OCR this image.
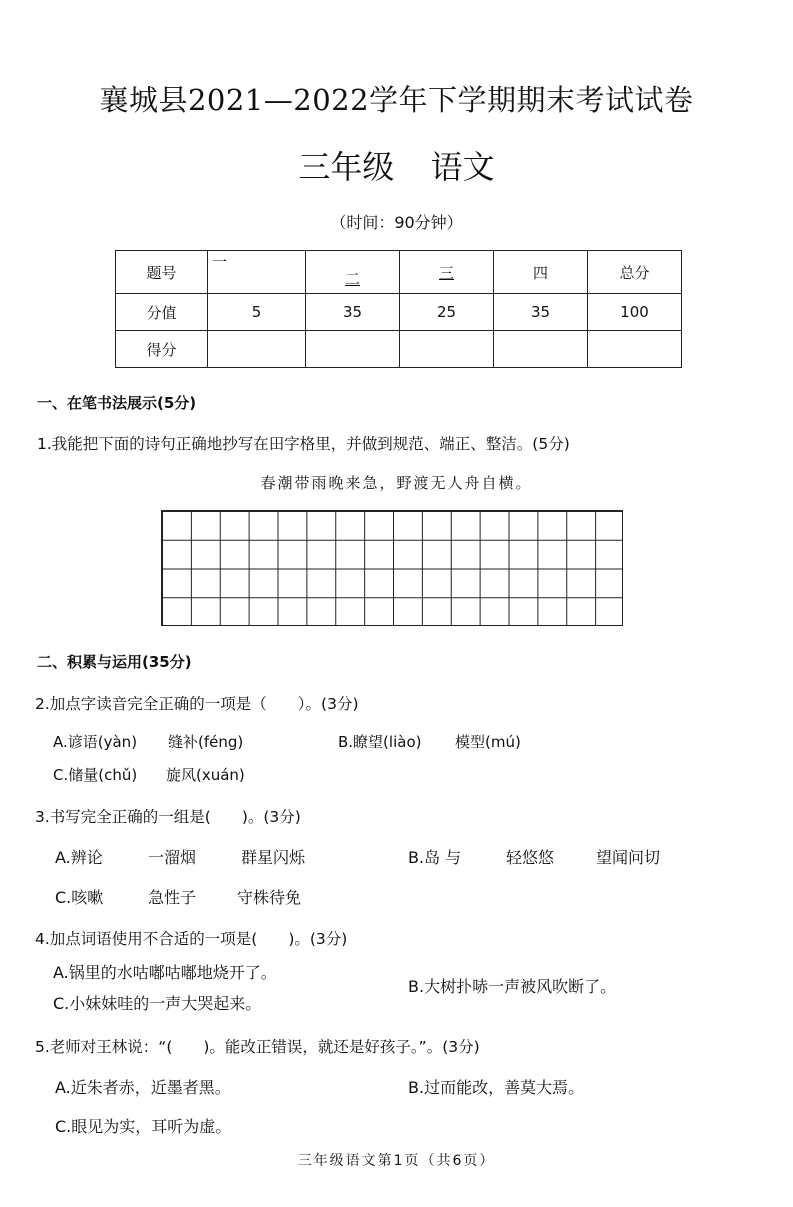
襄城县2021—2022学年下学期期末考试试卷
三年级 语文
（时间：90分钟）
题号	一	二	三	四	总分
分值	5	35	25	35	100
得分					
一、在笔书法展示(5分)
1.我能把下面的诗句正确地抄写在田字格里，并做到规范、端正、整洁。(5分)
春潮带雨晚来急，野渡无人舟自横。
二、积累与运用(35分)
2.加点字读音完全正确的一项是（　　）。(3分)
A.谚语(yàn) 缝补(féng)	B.瞭望(liào) 模型(mú)
C.储量(chǔ) 旋风(xuán)
3.书写完全正确的一组是(　　)。(3分)
A.辨论	一溜烟	群星闪烁	B.岛 与	轻悠悠	望闻问切
C.咳嗽	急性子	守株待免
4.加点词语使用不合适的一项是(　　)。(3分)
A.锅里的水咕嘟咕嘟地烧开了。
B.大树扑哧一声被风吹断了。
C.小妹妹哇的一声大哭起来。
5.老师对王林说：“(　　)。能改正错误，就还是好孩子。”。(3分)
A.近朱者赤，近墨者黑。	B.过而能改，善莫大焉。
C.眼见为实，耳听为虚。
三年级语文第1页（共6页）
